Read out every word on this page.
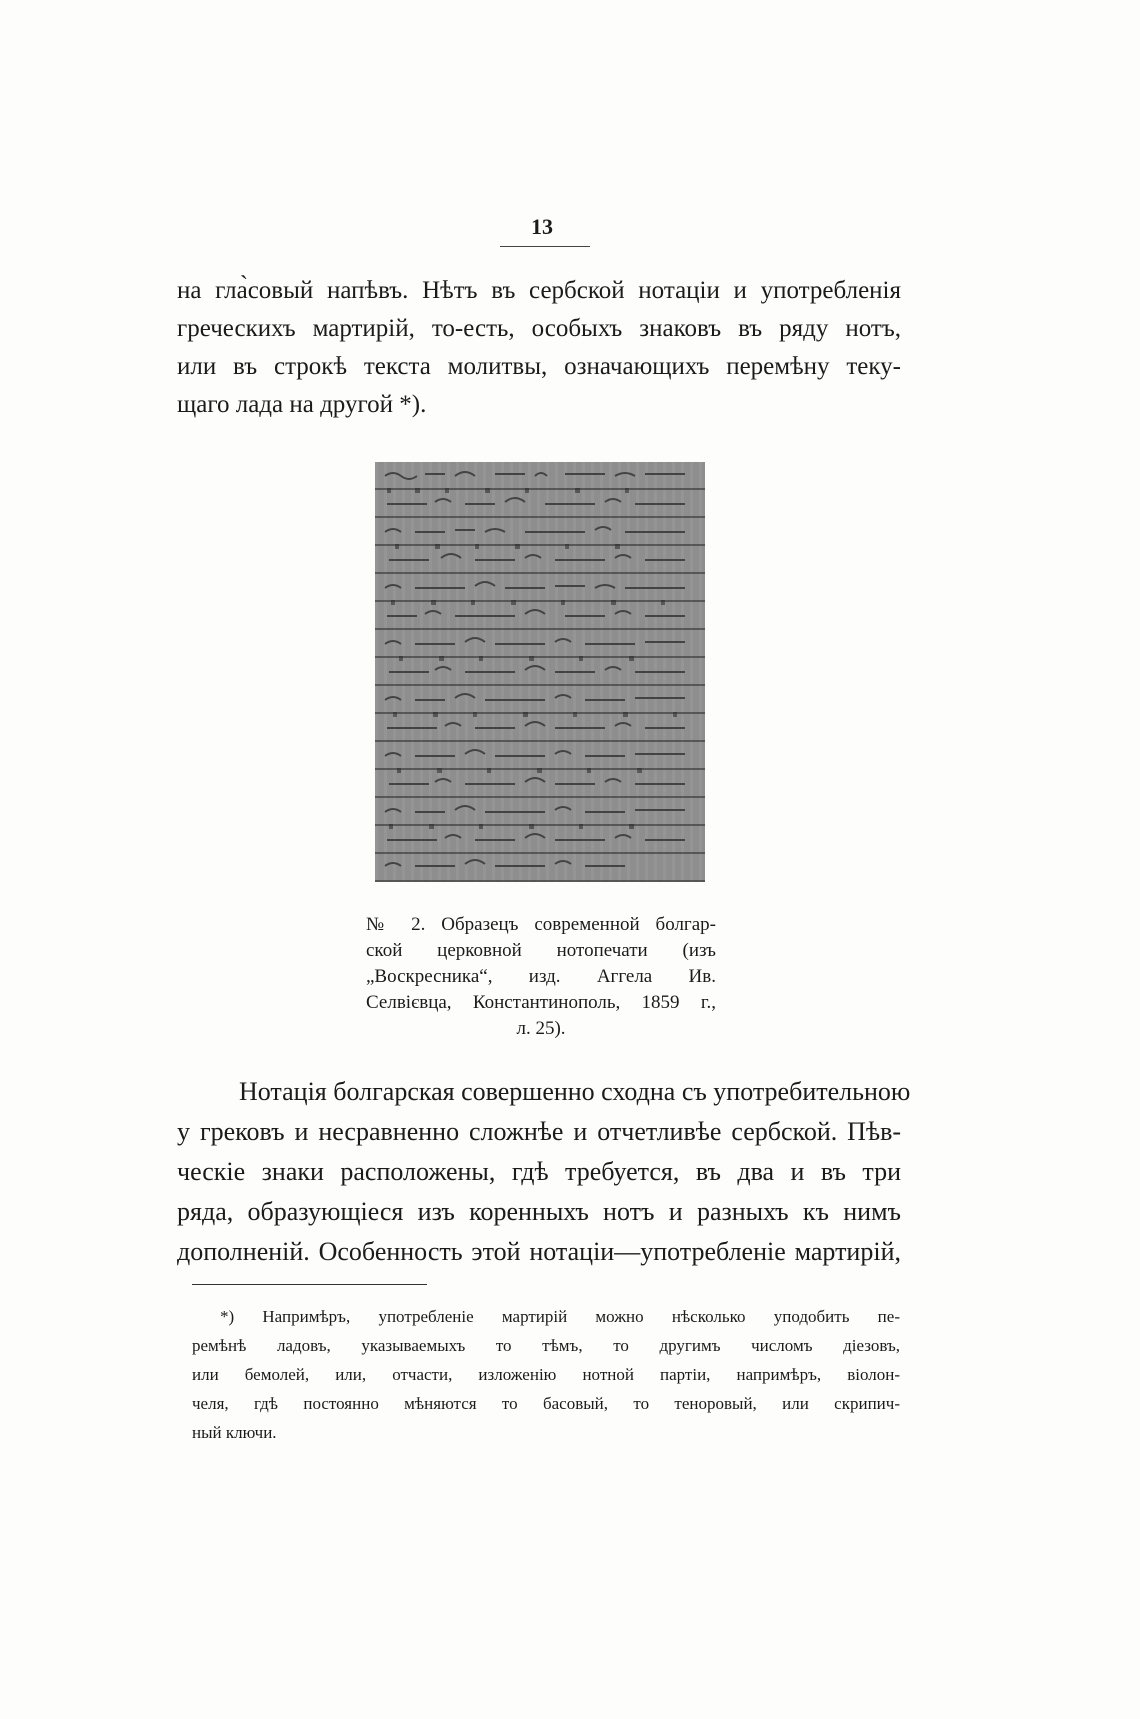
13

на гла̀совый напѣвъ. Нѣтъ въ сербской нотаціи и употребленія
греческихъ мартирій, то-есть, особыхъ знаковъ въ ряду нотъ,
или въ строкѣ текста молитвы, означающихъ перемѣну теку-
щаго лада на другой *).

№ 2. Образецъ современной болгар-
ской церковной нотопечати (изъ
„Воскресника“, изд. Аггела Ив.
Селвієвца, Константинополь, 1859 г.,
л. 25).

Нотація болгарская совершенно сходна съ употребительною
у грековъ и несравненно сложнѣе и отчетливѣе сербской. Пѣв-
ческіе знаки расположены, гдѣ требуется, въ два и въ три
ряда, образующіеся изъ коренныхъ нотъ и разныхъ къ нимъ
дополненій. Особенность этой нотаціи—употребленіе мартирій,

*) Напримѣръ, употребленіе мартирій можно нѣсколько уподобить пе-
ремѣнѣ ладовъ, указываемыхъ то тѣмъ, то другимъ числомъ діезовъ,
или бемолей, или, отчасти, изложенію нотной партіи, напримѣръ, віолон-
челя, гдѣ постоянно мѣняются то басовый, то теноровый, или скрипич-
ный ключи.
